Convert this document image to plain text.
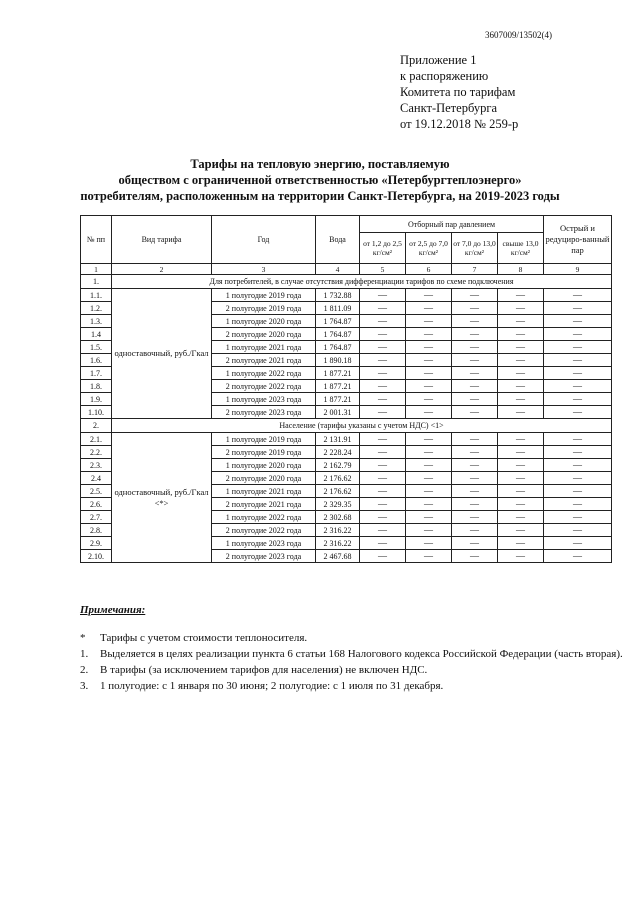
3607009/13502(4)
Приложение 1
к распоряжению
Комитета по тарифам
Санкт-Петербурга
от 19.12.2018 № 259-р
Тарифы на тепловую энергию, поставляемую
обществом с ограниченной ответственностью «Петербургтеплоэнерго»
потребителям, расположенным на территории Санкт-Петербурга, на 2019-2023 годы
№ пп	Вид тарифа	Год	Вода	Отборный пар давлением				Острый и редуциро-ванный пар
				от 1,2 до 2,5 кг/см²	от 2,5 до 7,0 кг/см²	от 7,0 до 13,0 кг/см²	свыше 13,0 кг/см²	
1	2	3	4	5	6	7	8	9
1.	Для потребителей, в случае отсутствия дифференциации тарифов по схеме подключения							
1.1.	одноставочный, руб./Гкал	1 полугодие 2019 года	1 732.88	—	—	—	—	—
1.2.		2 полугодие 2019 года	1 811.09	—	—	—	—	—
1.3.		1 полугодие 2020 года	1 764.87	—	—	—	—	—
1.4		2 полугодие 2020 года	1 764.87	—	—	—	—	—
1.5.		1 полугодие 2021 года	1 764.87	—	—	—	—	—
1.6.		2 полугодие 2021 года	1 890.18	—	—	—	—	—
1.7.		1 полугодие 2022 года	1 877.21	—	—	—	—	—
1.8.		2 полугодие 2022 года	1 877.21	—	—	—	—	—
1.9.		1 полугодие 2023 года	1 877.21	—	—	—	—	—
1.10.		2 полугодие 2023 года	2 001.31	—	—	—	—	—
2.	Население (тарифы указаны с учетом НДС) <1>							
2.1.	одноставочный, руб./Гкал <*>	1 полугодие 2019 года	2 131.91	—	—	—	—	—
2.2.		2 полугодие 2019 года	2 228.24	—	—	—	—	—
2.3.		1 полугодие 2020 года	2 162.79	—	—	—	—	—
2.4		2 полугодие 2020 года	2 176.62	—	—	—	—	—
2.5.		1 полугодие 2021 года	2 176.62	—	—	—	—	—
2.6.		2 полугодие 2021 года	2 329.35	—	—	—	—	—
2.7.		1 полугодие 2022 года	2 302.68	—	—	—	—	—
2.8.		2 полугодие 2022 года	2 316.22	—	—	—	—	—
2.9.		1 полугодие 2023 года	2 316.22	—	—	—	—	—
2.10.		2 полугодие 2023 года	2 467.68	—	—	—	—	—
Примечания:
*	Тарифы с учетом стоимости теплоносителя.
1.	Выделяется в целях реализации пункта 6 статьи 168 Налогового кодекса Российской Федерации (часть вторая).
2.	В тарифы (за исключением тарифов для населения) не включен НДС.
3.	1 полугодие: с 1 января по 30 июня; 2 полугодие: с 1 июля по 31 декабря.
